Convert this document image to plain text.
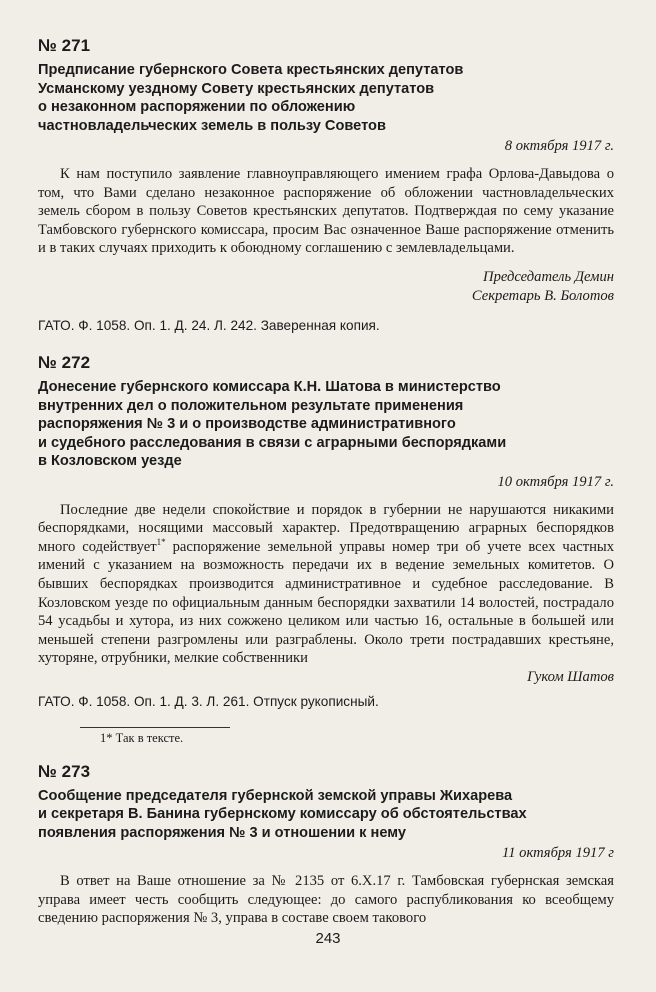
№ 271

Предписание губернского Совета крестьянских депутатов

Усманскому уездному Совету крестьянских депутатов

о незаконном распоряжении по обложению

частновладельческих земель в пользу Советов

8 октября 1917 г.

К нам поступило заявление главноуправляющего имением графа Орлова-Давыдова о том, что Вами сделано незаконное распоряжение об обложении частновладельческих земель сбором в пользу Советов крестьянских депутатов. Подтверждая по сему указание Тамбовского губернского комиссара, просим Вас означенное Ваше распоряжение отменить и в таких случаях приходить к обоюдному соглашению с землевладельцами.

Председатель Демин

Секретарь В. Болотов

ГАТО. Ф. 1058. Оп. 1. Д. 24. Л. 242. Заверенная копия.

№ 272

Донесение губернского комиссара К.Н. Шатова в министерство

внутренних дел о положительном результате применения

распоряжения № 3 и о производстве административного

и судебного расследования в связи с аграрными беспорядками

в Козловском уезде

10 октября 1917 г.

Последние две недели спокойствие и порядок в губернии не нарушаются никакими беспорядками, носящими массовый характер. Предотвращению аграрных беспорядков много содействует$^{1*}$ распоряжение земельной управы номер три об учете всех частных имений с указанием на возможность передачи их в ведение земельных комитетов. О бывших беспорядках производится административное и судебное расследование. В Козловском уезде по официальным данным беспорядки захватили 14 волостей, пострадало 54 усадьбы и хутора, из них сожжено целиком или частью 16, остальные в большей или меньшей степени разгромлены или разграблены. Около трети пострадавших крестьяне, хуторяне, отрубники, мелкие собственники

Гуком Шатов

ГАТО. Ф. 1058. Оп. 1. Д. 3. Л. 261. Отпуск рукописный.

1* Так в тексте.

№ 273

Сообщение председателя губернской земской управы Жихарева

и секретаря В. Банина губернскому комиссару об обстоятельствах

появления распоряжения № 3 и отношении к нему

11 октября 1917 г

В ответ на Ваше отношение за № 2135 от 6.X.17 г. Тамбовская губернская земская управа имеет честь сообщить следующее: до самого распубликования ко всеобщему сведению распоряжения № 3, управа в составе своем такового

243
